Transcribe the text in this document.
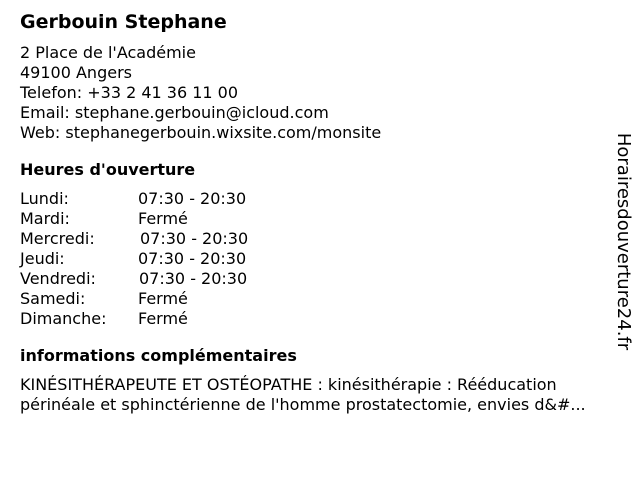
Gerbouin Stephane
2 Place de l'Académie
49100 Angers
Telefon: +33 2 41 36 11 00
Email: stephane.gerbouin@icloud.com
Web: stephanegerbouin.wixsite.com/monsite
Heures d'ouverture
Lundi:	07:30 - 20:30
Mardi:	Fermé
Mercredi:	07:30 - 20:30
Jeudi:	07:30 - 20:30
Vendredi:	07:30 - 20:30
Samedi:	Fermé
Dimanche:	Fermé
informations complémentaires
KINÉSITHÉRAPEUTE ET OSTÉOPATHE : kinésithérapie : Rééducation
périnéale et sphinctérienne de l'homme prostatectomie, envies d&#...
Horairesdouverture24.fr
